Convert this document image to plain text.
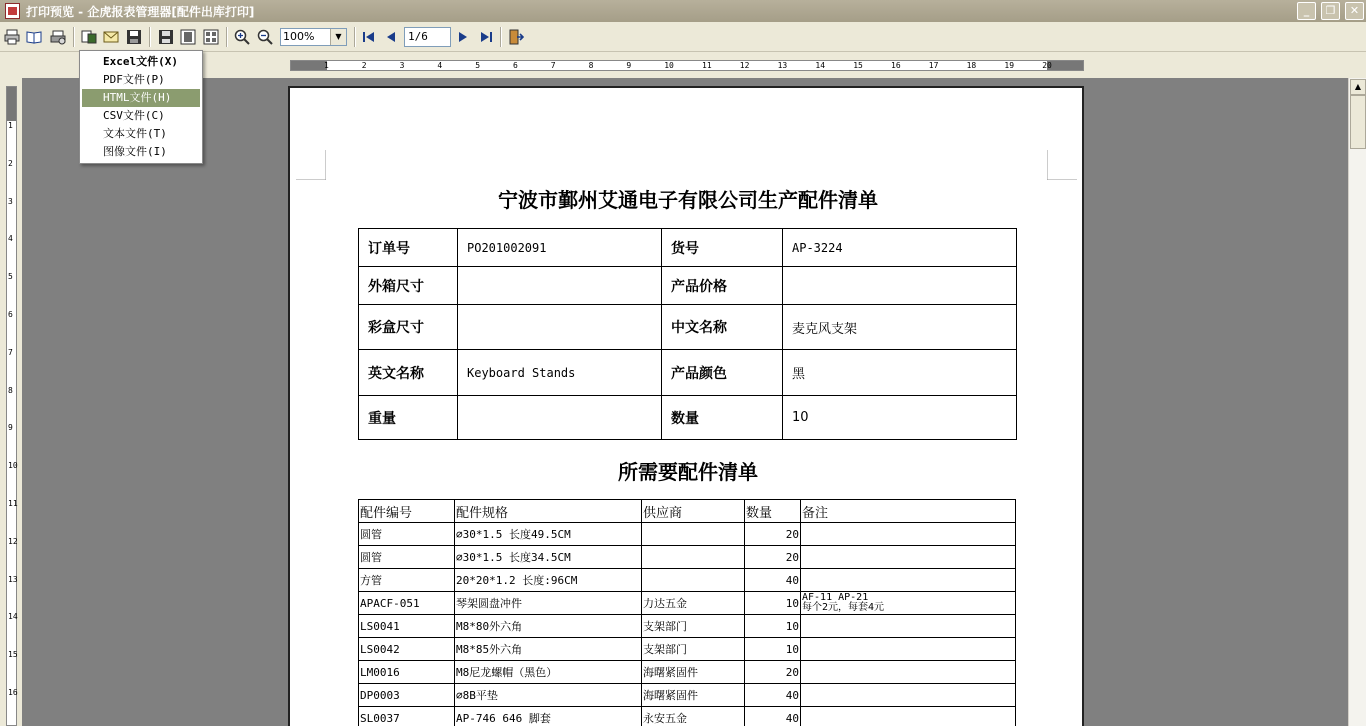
打印预览 - 企虎报表管理器[配件出库打印]	_	❐	✕
100%	▼	1/6
1	2	3	4	5	6	7	8	9	10	11	12	13	14	15	16	17	18	19	20
1
2
3
4
5
6
7
8
9
10
11
12
13
14
15
16
▲
宁波市鄞州艾通电子有限公司生产配件清单
订单号	PO201002091	货号	AP-3224
外箱尺寸		产品价格	
彩盒尺寸		中文名称	麦克风支架
英文名称	Keyboard Stands	产品颜色	黑
重量		数量	10
所需要配件清单
配件编号	配件规格	供应商	数量	备注
圆管	∅30*1.5 长度49.5CM		20	

圆管	∅30*1.5 长度34.5CM		20	

方管	20*20*1.2 长度:96CM		40	

APACF-051	琴架圆盘冲件	力达五金	10	AF-11 AP-21
每个2元，每套4元

LS0041	M8*80外六角	支架部门	10	

LS0042	M8*85外六角	支架部门	10	

LM0016	M8尼龙螺帽（黑色）	海曙紧固件	20	

DP0003	∅8B平垫	海曙紧固件	40	

SL0037	AP-746 646 脚套	永安五金	40	
Excel文件(X)
PDF文件(P)
HTML文件(H)
CSV文件(C)
文本文件(T)
图像文件(I)
